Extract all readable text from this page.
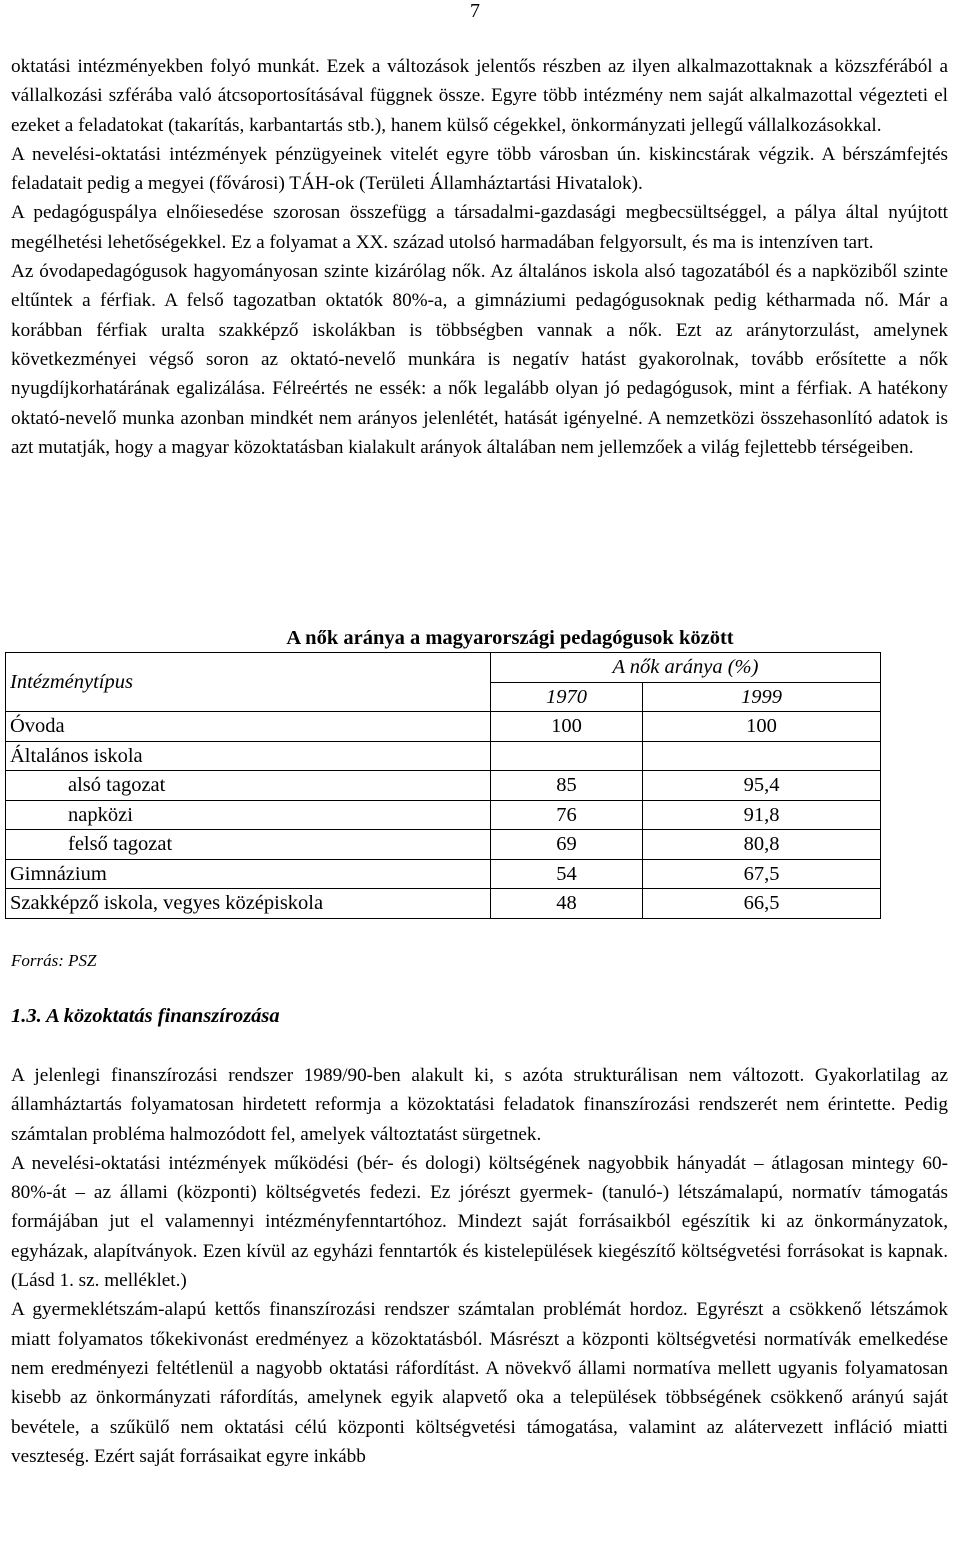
7

oktatási intézményekben folyó munkát. Ezek a változások jelentős részben az ilyen alkalmazottaknak a közszférából a vállalkozási szférába való átcsoportosításával függnek össze. Egyre több intézmény nem saját alkalmazottal végezteti el ezeket a feladatokat (takarítás, karbantartás stb.), hanem külső cégekkel, önkormányzati jellegű vállalkozásokkal.

A nevelési-oktatási intézmények pénzügyeinek vitelét egyre több városban ún. kiskincstárak végzik. A bérszámfejtés feladatait pedig a megyei (fővárosi) TÁH-ok (Területi Államháztartási Hivatalok).

A pedagóguspálya elnőiesedése szorosan összefügg a társadalmi-gazdasági megbecsültséggel, a pálya által nyújtott megélhetési lehetőségekkel. Ez a folyamat a XX. század utolsó harmadában felgyorsult, és ma is intenzíven tart.

Az óvodapedagógusok hagyományosan szinte kizárólag nők. Az általános iskola alsó tagozatából és a napköziből szinte eltűntek a férfiak. A felső tagozatban oktatók 80%-a, a gimnáziumi pedagógusoknak pedig kétharmada nő. Már a korábban férfiak uralta szakképző iskolákban is többségben vannak a nők. Ezt az aránytorzulást, amelynek következményei végső soron az oktató-nevelő munkára is negatív hatást gyakorolnak, tovább erősítette a nők nyugdíjkorhatárának egalizálása. Félreértés ne essék: a nők legalább olyan jó pedagógusok, mint a férfiak. A hatékony oktató-nevelő munka azonban mindkét nem arányos jelenlétét, hatását igényelné. A nemzetközi összehasonlító adatok is azt mutatják, hogy a magyar közoktatásban kialakult arányok általában nem jellemzőek a világ fejlettebb térségeiben.

A nők aránya a magyarországi pedagógusok között
Intézménytípus	A nők aránya (%)	
	1970	1999
Óvoda	100	100
Általános iskola		
alsó tagozat	85	95,4
napközi	76	91,8
felső tagozat	69	80,8
Gimnázium	54	67,5
Szakképző iskola, vegyes középiskola	48	66,5
Forrás: PSZ
1.3. A közoktatás finanszírozása

A jelenlegi finanszírozási rendszer 1989/90-ben alakult ki, s azóta strukturálisan nem változott. Gyakorlatilag az államháztartás folyamatosan hirdetett reformja a közoktatási feladatok finanszírozási rendszerét nem érintette. Pedig számtalan probléma halmozódott fel, amelyek változtatást sürgetnek.

A nevelési-oktatási intézmények működési (bér- és dologi) költségének nagyobbik hányadát – átlagosan mintegy 60-80%-át – az állami (központi) költségvetés fedezi. Ez jórészt gyermek- (tanuló-) létszámalapú, normatív támogatás formájában jut el valamennyi intézményfenntartóhoz. Mindezt saját forrásaikból egészítik ki az önkormányzatok, egyházak, alapítványok. Ezen kívül az egyházi fenntartók és kistelepülések kiegészítő költségvetési forrásokat is kapnak. (Lásd 1. sz. melléklet.)

A gyermeklétszám-alapú kettős finanszírozási rendszer számtalan problémát hordoz. Egyrészt a csökkenő létszámok miatt folyamatos tőkekivonást eredményez a közoktatásból. Másrészt a központi költségvetési normatívák emelkedése nem eredményezi feltétlenül a nagyobb oktatási ráfordítást. A növekvő állami normatíva mellett ugyanis folyamatosan kisebb az önkormányzati ráfordítás, amelynek egyik alapvető oka a települések többségének csökkenő arányú saját bevétele, a szűkülő nem oktatási célú központi költségvetési támogatása, valamint az alátervezett infláció miatti veszteség. Ezért saját forrásaikat egyre inkább
